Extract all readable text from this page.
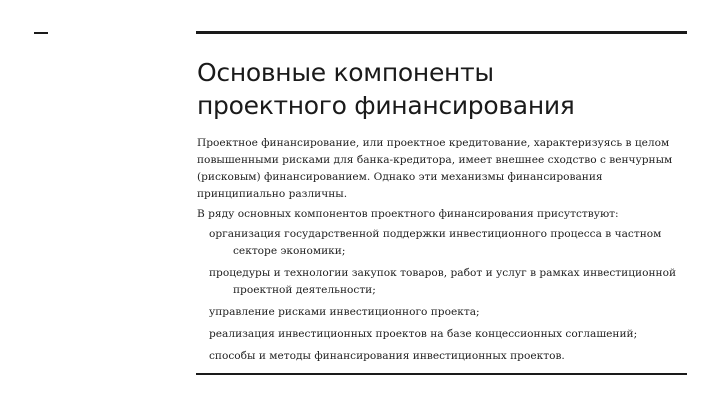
Основные компоненты
проектного финансирования

Проектное финансирование, или проектное кредитование, характеризуясь в целом повышенными рисками для банка-кредитора, имеет внешнее сходство с венчурным (рисковым) финансированием. Однако эти механизмы финансирования принципиально различны.

В ряду основных компонентов проектного финансирования присутствуют:

организация государственной поддержки инвестиционного процесса в частном секторе экономики;
процедуры и технологии закупок товаров, работ и услуг в рамках инвестиционной проектной деятельности;
управление рисками инвестиционного проекта;
реализация инвестиционных проектов на базе концессионных соглашений;
способы и методы финансирования инвестиционных проектов.
